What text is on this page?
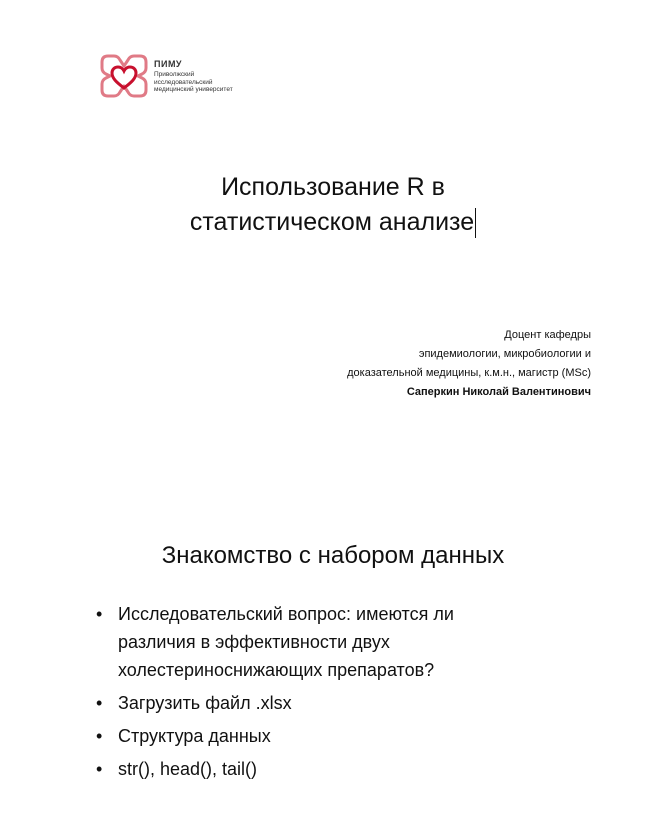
ПИМУ
Приволжский
исследовательский
медицинский университет
Использование R в
статистическом анализе
Доцент кафедры
эпидемиологии, микробиологии и
доказательной медицины, к.м.н., магистр (MSc)
Саперкин Николай Валентинович
Знакомство с набором данных
• Исследовательский вопрос: имеются ли
различия в эффективности двух
холестериноснижающих препаратов?
• Загрузить файл .xlsx
• Структура данных
• str(), head(), tail()
